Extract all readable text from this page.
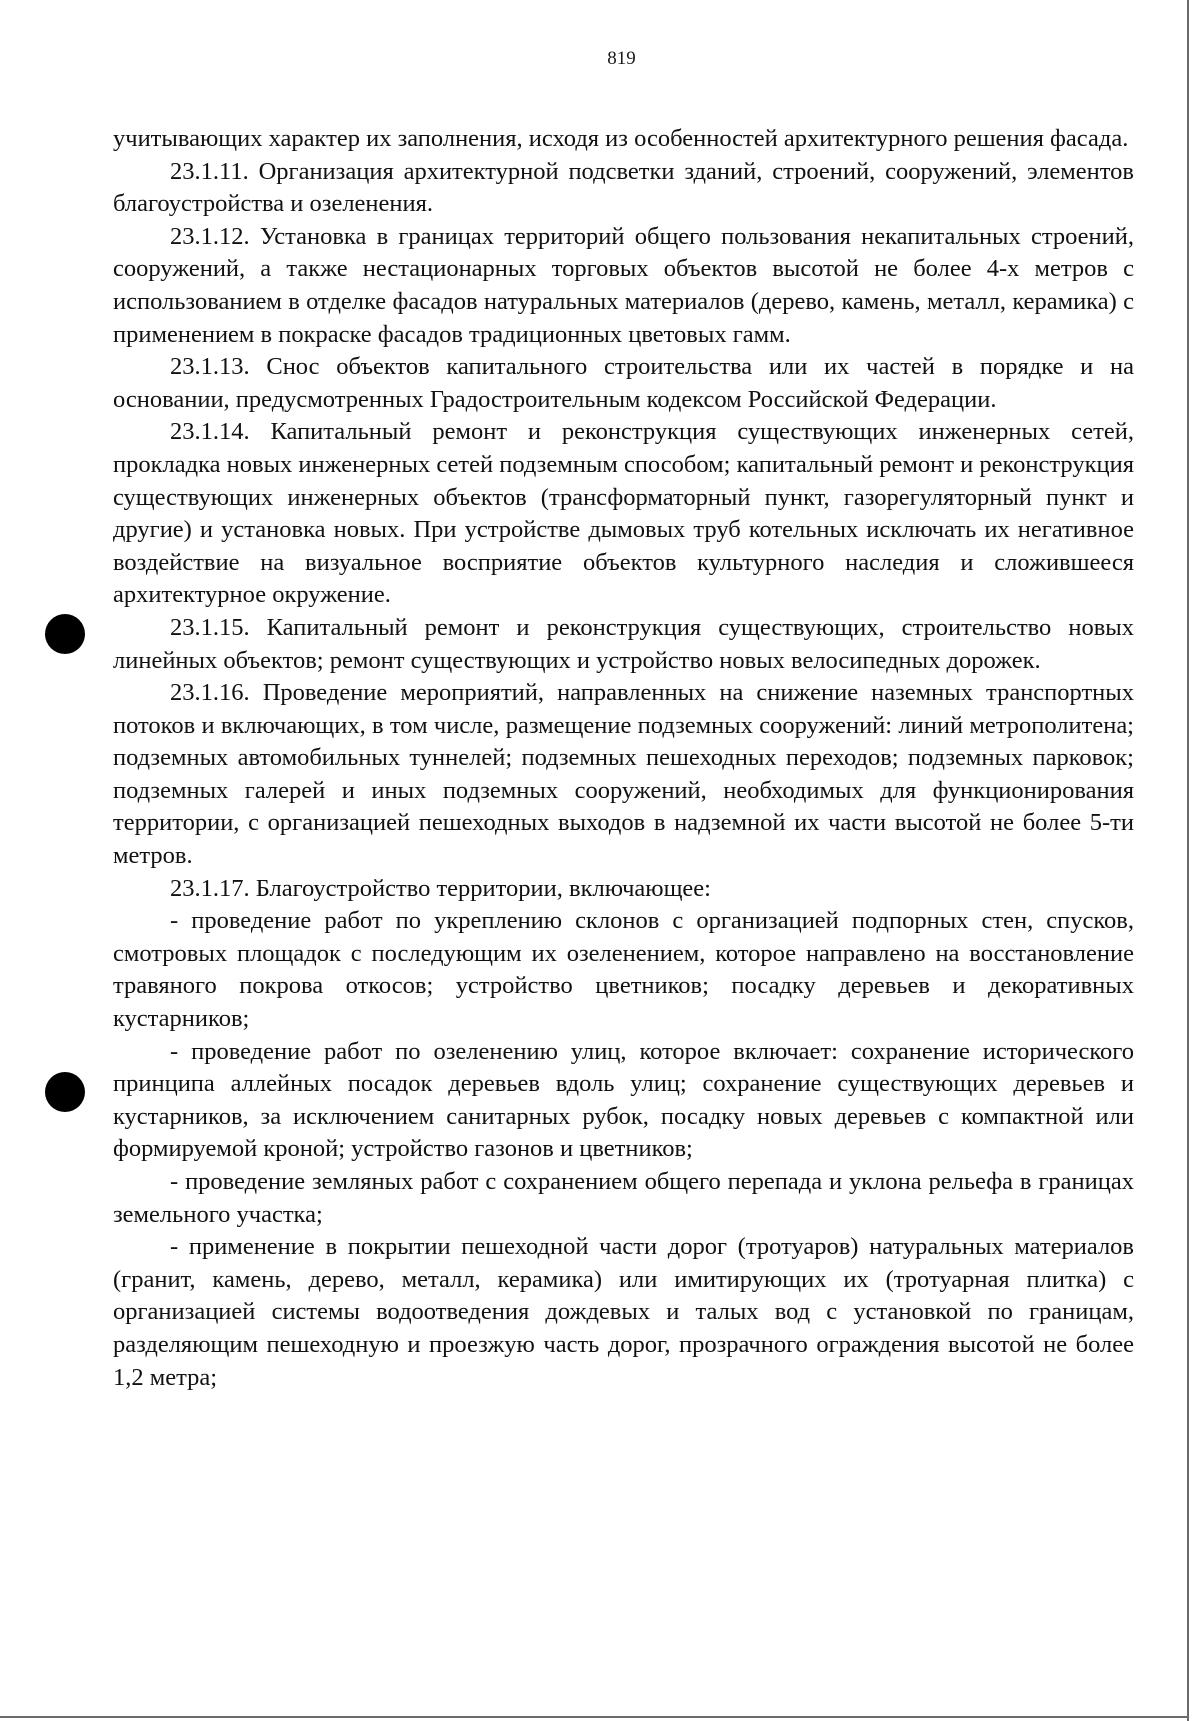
819

учитывающих характер их заполнения, исходя из особенностей архитектурного решения фасада.

23.1.11. Организация архитектурной подсветки зданий, строений, сооружений, элементов благоустройства и озеленения.

23.1.12. Установка в границах территорий общего пользования некапитальных строений, сооружений, а также нестационарных торговых объектов высотой не более 4-х метров с использованием в отделке фасадов натуральных материалов (дерево, камень, металл, керамика) с применением в покраске фасадов традиционных цветовых гамм.

23.1.13. Снос объектов капитального строительства или их частей в порядке и на основании, предусмотренных Градостроительным кодексом Российской Федерации.

23.1.14. Капитальный ремонт и реконструкция существующих инженерных сетей, прокладка новых инженерных сетей подземным способом; капитальный ремонт и реконструкция существующих инженерных объектов (трансформаторный пункт, газорегуляторный пункт и другие) и установка новых. При устройстве дымовых труб котельных исключать их негативное воздействие на визуальное восприятие объектов культурного наследия и сложившееся архитектурное окружение.

23.1.15. Капитальный ремонт и реконструкция существующих, строительство новых линейных объектов; ремонт существующих и устройство новых велосипедных дорожек.

23.1.16. Проведение мероприятий, направленных на снижение наземных транспортных потоков и включающих, в том числе, размещение подземных сооружений: линий метрополитена; подземных автомобильных туннелей; подземных пешеходных переходов; подземных парковок; подземных галерей и иных подземных сооружений, необходимых для функционирования территории, с организацией пешеходных выходов в надземной их части высотой не более 5-ти метров.

23.1.17. Благоустройство территории, включающее:

- проведение работ по укреплению склонов с организацией подпорных стен, спусков, смотровых площадок с последующим их озеленением, которое направлено на восстановление травяного покрова откосов; устройство цветников; посадку деревьев и декоративных кустарников;

- проведение работ по озеленению улиц, которое включает: сохранение исторического принципа аллейных посадок деревьев вдоль улиц; сохранение существующих деревьев и кустарников, за исключением санитарных рубок, посадку новых деревьев с компактной или формируемой кроной; устройство газонов и цветников;

- проведение земляных работ с сохранением общего перепада и уклона рельефа в границах земельного участка;

- применение в покрытии пешеходной части дорог (тротуаров) натуральных материалов (гранит, камень, дерево, металл, керамика) или имитирующих их (тротуарная плитка) с организацией системы водоотведения дождевых и талых вод с установкой по границам, разделяющим пешеходную и проезжую часть дорог, прозрачного ограждения высотой не более 1,2 метра;
